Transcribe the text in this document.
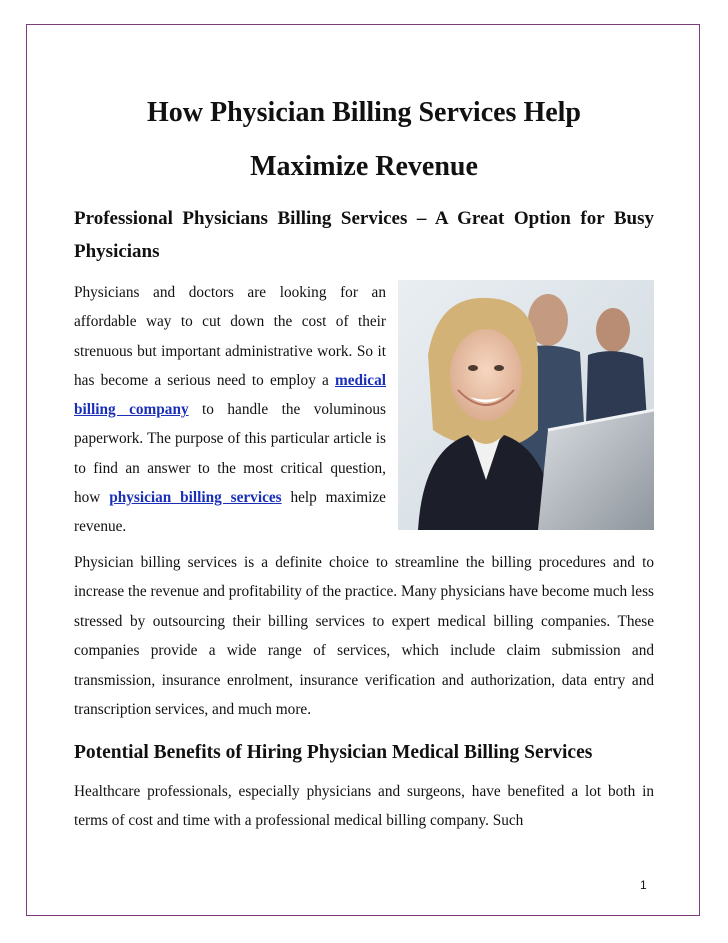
How Physician Billing Services Help
Maximize Revenue
Professional Physicians Billing Services – A Great Option for Busy Physicians

Physicians and doctors are looking for an affordable way to cut down the cost of their strenuous but important administrative work. So it has become a serious need to employ a medical billing company to handle the voluminous paperwork. The purpose of this particular article is to find an answer to the most critical question, how physician billing services help maximize revenue.

Physician billing services is a definite choice to streamline the billing procedures and to increase the revenue and profitability of the practice. Many physicians have become much less stressed by outsourcing their billing services to expert medical billing companies. These companies provide a wide range of services, which include claim submission and transmission, insurance enrolment, insurance verification and authorization, data entry and transcription services, and much more.

Potential Benefits of Hiring Physician Medical Billing Services

Healthcare professionals, especially physicians and surgeons, have benefited a lot both in terms of cost and time with a professional medical billing company. Such

1
